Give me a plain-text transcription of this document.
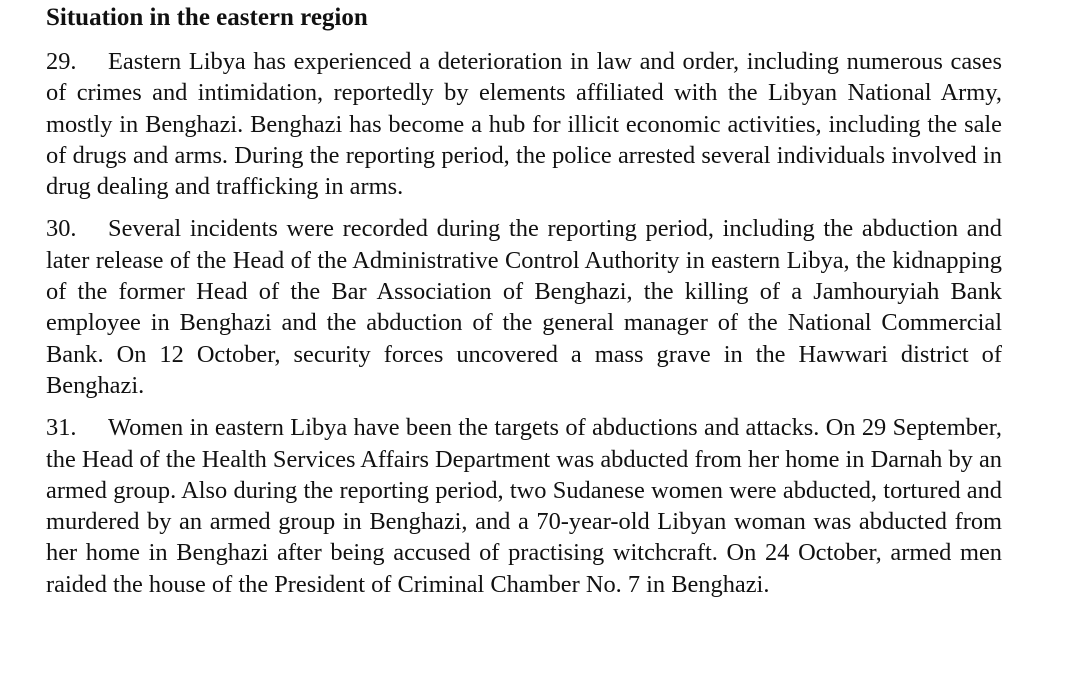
Situation in the eastern region

29. Eastern Libya has experienced a deterioration in law and order, including numerous cases of crimes and intimidation, reportedly by elements affiliated with the Libyan National Army, mostly in Benghazi. Benghazi has become a hub for illicit economic activities, including the sale of drugs and arms. During the reporting period, the police arrested several individuals involved in drug dealing and trafficking in arms.

30. Several incidents were recorded during the reporting period, including the abduction and later release of the Head of the Administrative Control Authority in eastern Libya, the kidnapping of the former Head of the Bar Association of Benghazi, the killing of a Jamhouryiah Bank employee in Benghazi and the abduction of the general manager of the National Commercial Bank. On 12 October, security forces uncovered a mass grave in the Hawwari district of Benghazi.

31. Women in eastern Libya have been the targets of abductions and attacks. On 29 September, the Head of the Health Services Affairs Department was abducted from her home in Darnah by an armed group. Also during the reporting period, two Sudanese women were abducted, tortured and murdered by an armed group in Benghazi, and a 70-year-old Libyan woman was abducted from her home in Benghazi after being accused of practising witchcraft. On 24 October, armed men raided the house of the President of Criminal Chamber No. 7 in Benghazi.
